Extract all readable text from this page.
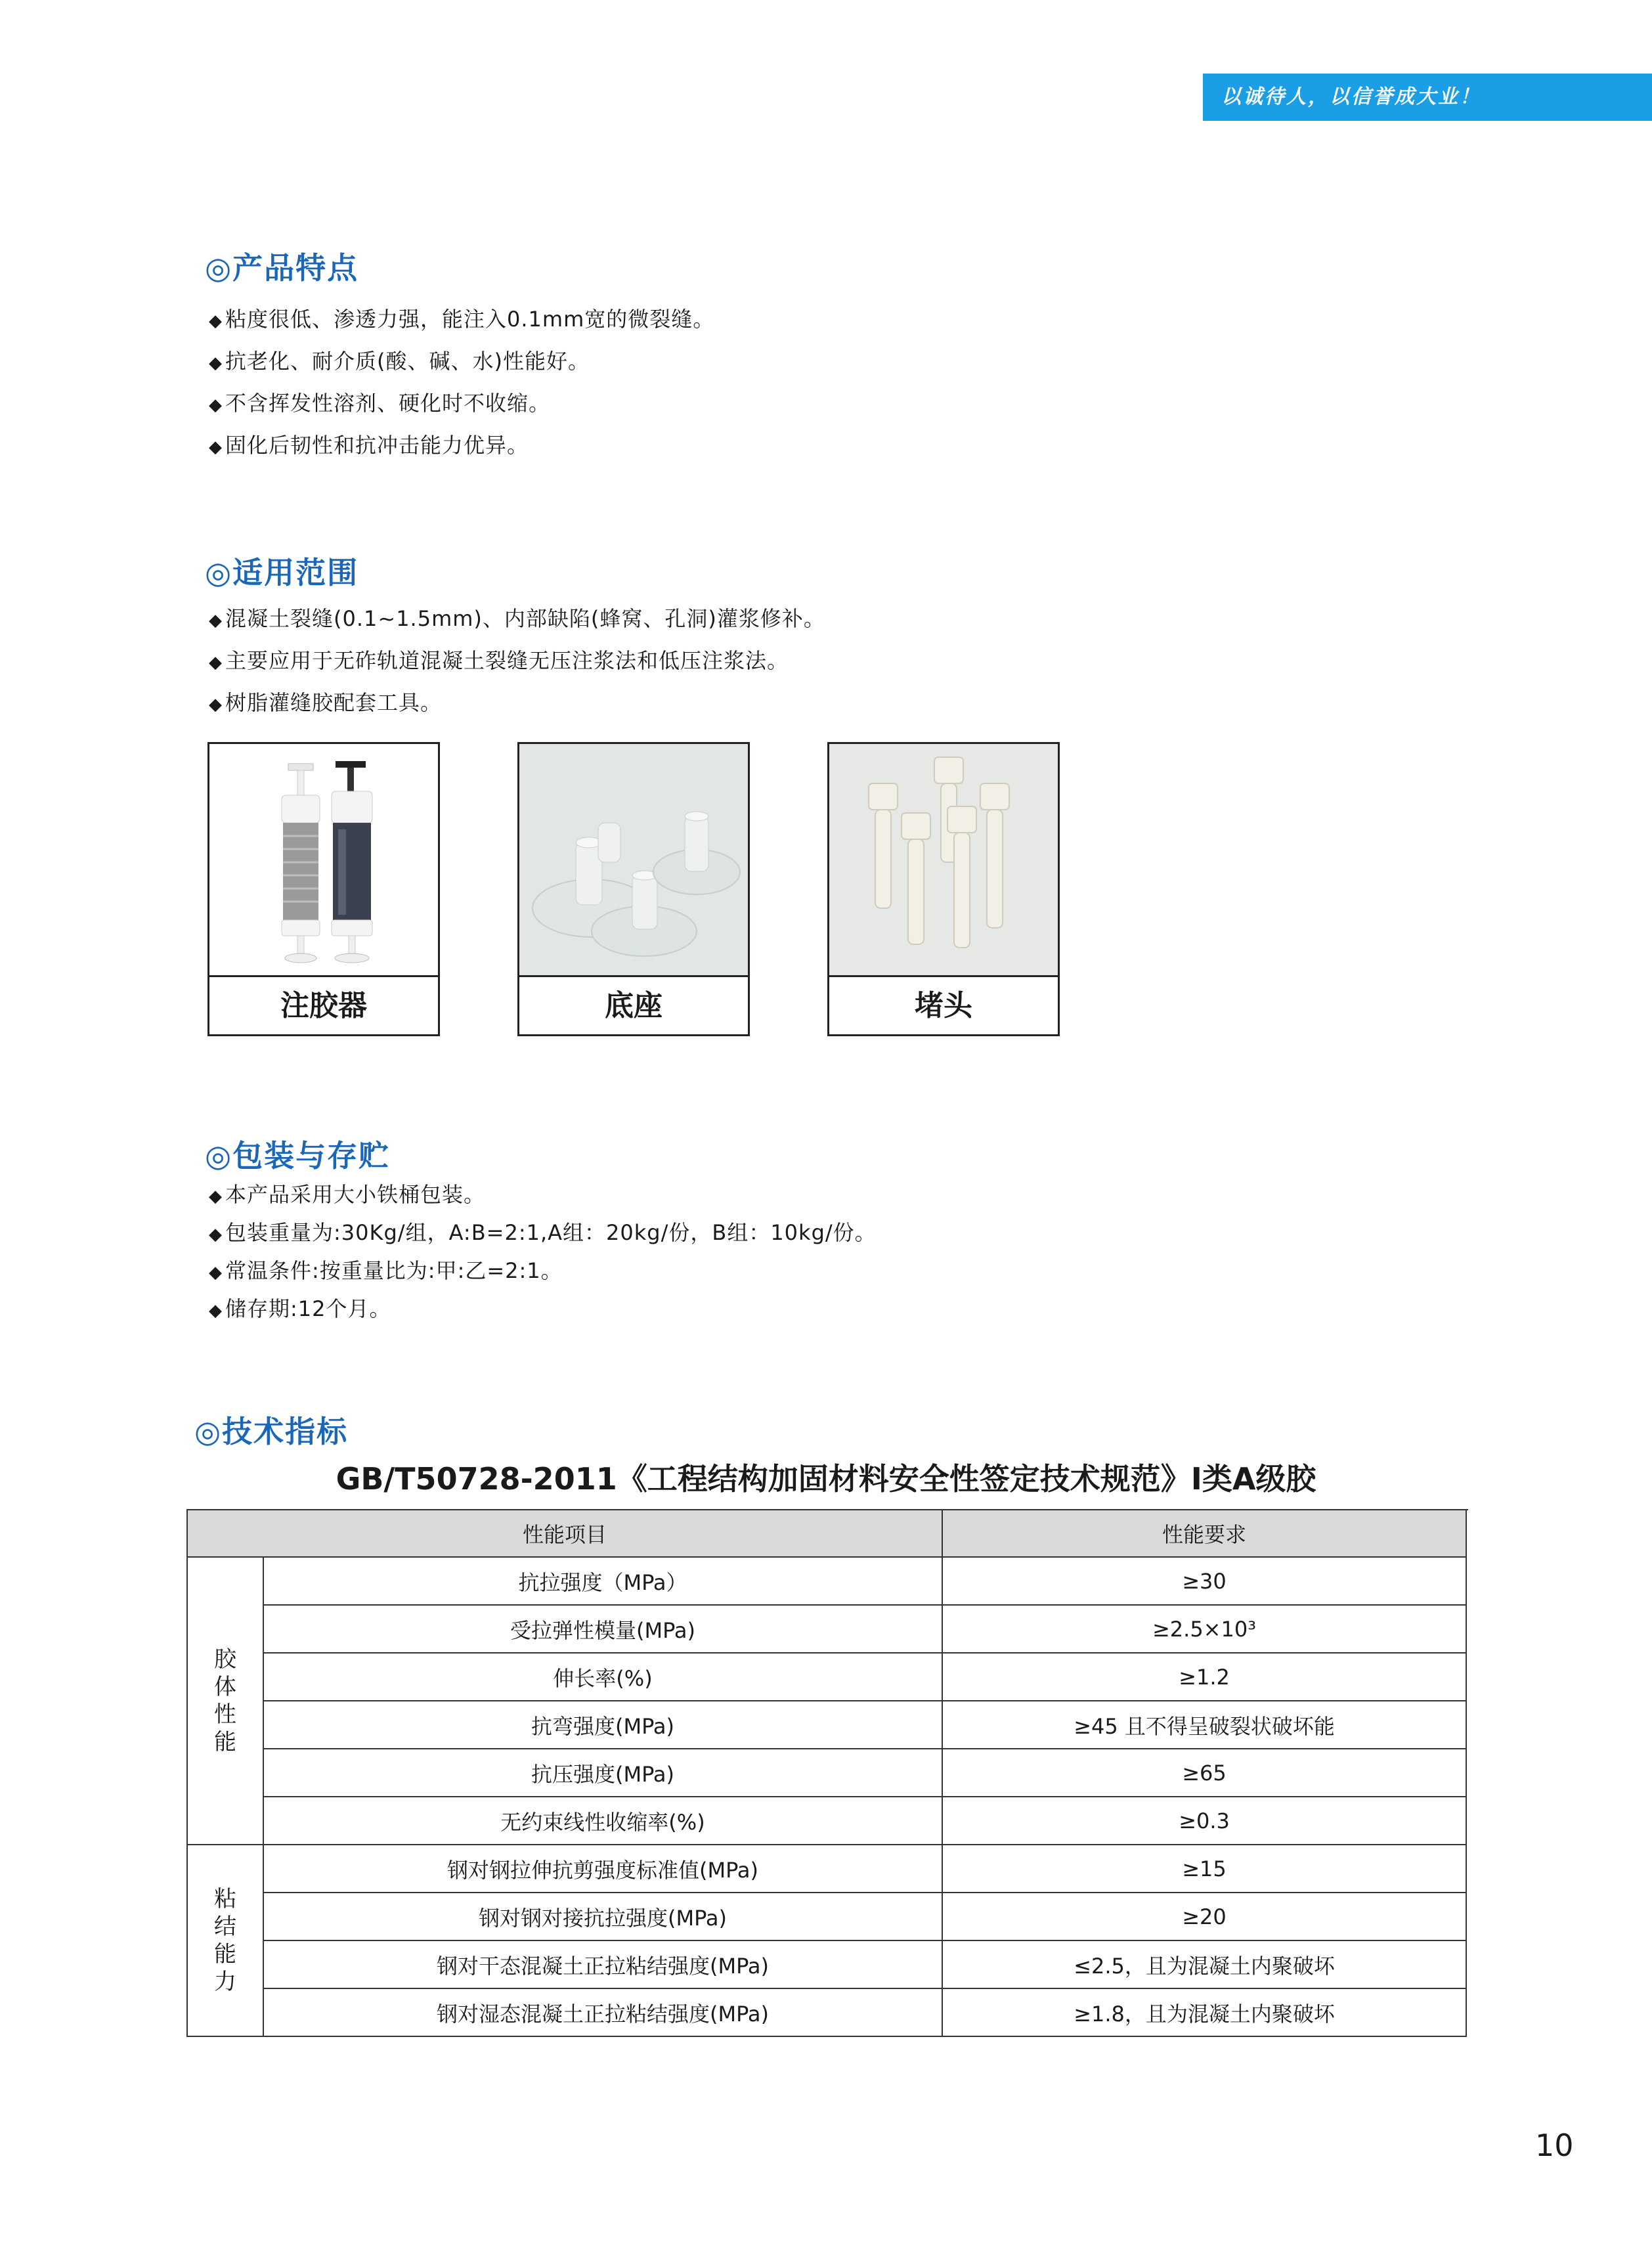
以诚待人，以信誉成大业！
◎产品特点
◆ 粘度很低、渗透力强，能注入0.1mm宽的微裂缝。
◆ 抗老化、耐介质(酸、碱、水)性能好。
◆ 不含挥发性溶剂、硬化时不收缩。
◆ 固化后韧性和抗冲击能力优异。
◎适用范围
◆ 混凝土裂缝(0.1~1.5mm)、内部缺陷(蜂窝、孔洞)灌浆修补。
◆ 主要应用于无砟轨道混凝土裂缝无压注浆法和低压注浆法。
◆ 树脂灌缝胶配套工具。
注胶器	底座	堵头
◎包装与存贮
◆ 本产品采用大小铁桶包装。
◆ 包装重量为:30Kg/组，A:B=2:1,A组：20kg/份，B组：10kg/份。
◆ 常温条件:按重量比为:甲:乙=2:1。
◆ 储存期:12个月。
◎技术指标
GB/T50728-2011《工程结构加固材料安全性签定技术规范》I类A级胶
性能项目	性能要求
胶体性能
抗拉强度（MPa）	≥30
受拉弹性模量(MPa)	≥2.5×10³
伸长率(%)	≥1.2
抗弯强度(MPa)	≥45 且不得呈破裂状破坏能
抗压强度(MPa)	≥65
无约束线性收缩率(%)	≥0.3
粘结能力
钢对钢拉伸抗剪强度标准值(MPa)	≥15
钢对钢对接抗拉强度(MPa)	≥20
钢对干态混凝土正拉粘结强度(MPa)	≤2.5，且为混凝土内聚破坏
钢对湿态混凝土正拉粘结强度(MPa)	≥1.8，且为混凝土内聚破坏
10
